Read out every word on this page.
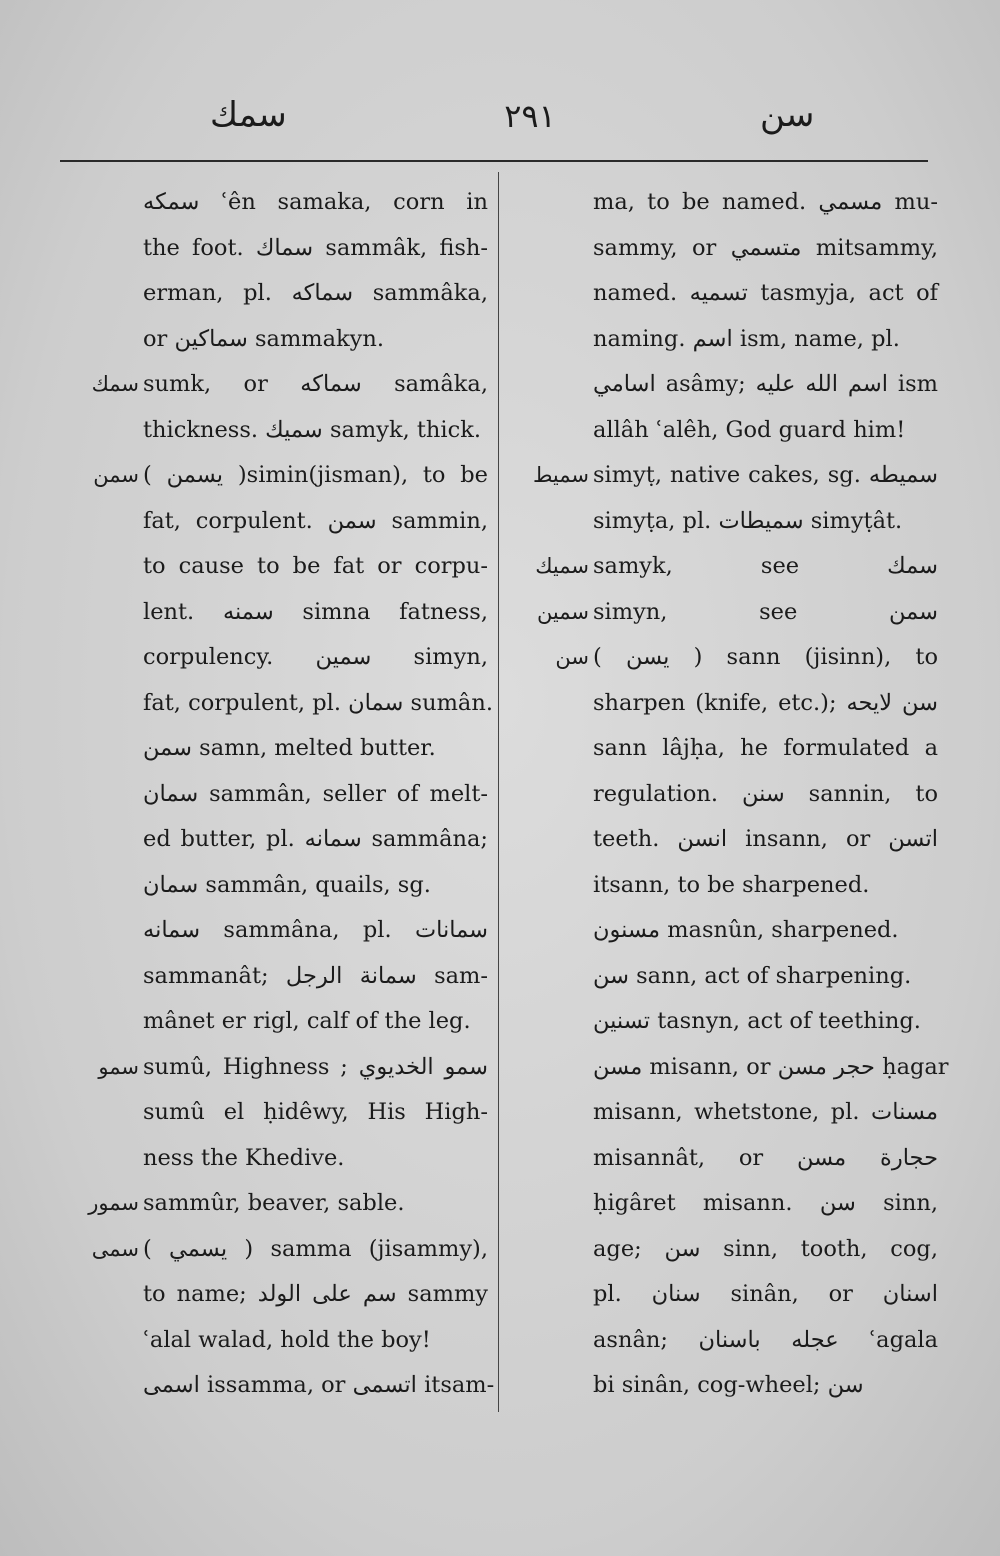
سمك	٢٩١	سن
سمكه ʿên samaka, corn in
the foot. سماك sammâk, fish-
erman, pl. سماكه sammâka,
or سماكين sammakyn.
سمك sumk, or سماكه samâka,
thickness. سميك samyk, thick.
سمن ( يسمن )simin(jisman), to be
fat, corpulent. سمن sammin,
to cause to be fat or corpu-
lent. سمنه simna fatness,
corpulency. سمين simyn,
fat, corpulent, pl. سمان sumân.
سمن samn, melted butter.
سمان sammân, seller of melt-
ed butter, pl. سمانه sammâna;
سمان sammân, quails, sg.
سمانه sammâna, pl. سمانات
sammanât; سمانة الرجل sam-
mânet er rigl, calf of the leg.
سمو sumû, Highness ; سمو الخديوي
sumû el ḥidêwy, His High-
ness the Khedive.
سمور sammûr, beaver, sable.
سمى ( يسمي ) samma (jisammy),
to name; سم على الولد sammy
ʿalal walad, hold the boy!
اسمى issamma, or اتسمى itsam-
ma, to be named. مسمي mu-
sammy, or متسمي mitsammy,
named. تسميه tasmyja, act of
naming. اسم ism, name, pl.
اسامي asâmy; اسم الله عليه ism
allâh ʿalêh, God guard him!
سميط simyṭ, native cakes, sg. سميطه
simyṭa, pl. سميطات simyṭât.
سميك samyk, see سمك
سمين simyn, see سمن
سن ( يسن ) sann (jisinn), to
sharpen (knife, etc.); سن لايحه
sann lâjḥa, he formulated a
regulation. سنن sannin, to
teeth. انسن insann, or اتسن
itsann, to be sharpened.
مسنون masnûn, sharpened.
سن sann, act of sharpening.
تسنين tasnyn, act of teething.
مسن misann, or حجر مسن ḥagar
misann, whetstone, pl. مسنات
misannât, or حجارة مسن
ḥigâret misann. سن sinn,
age; سن sinn, tooth, cog,
pl. سنان sinân, or اسنان
asnân; عجله باسنان ʿagala
bi sinân, cog-wheel; سن
